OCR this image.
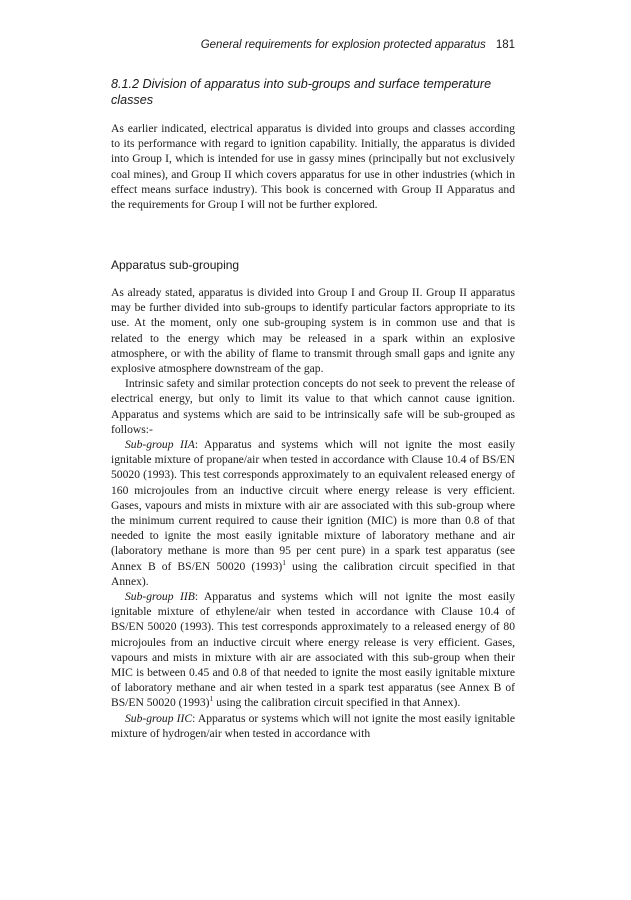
General requirements for explosion protected apparatus 181
8.1.2 Division of apparatus into sub-groups and surface temperature
classes

As earlier indicated, electrical apparatus is divided into groups and classes according to its performance with regard to ignition capability. Initially, the apparatus is divided into Group I, which is intended for use in gassy mines (principally but not exclusively coal mines), and Group II which covers apparatus for use in other industries (which in effect means surface industry). This book is concerned with Group II Apparatus and the requirements for Group I will not be further explored.

Apparatus sub-grouping

As already stated, apparatus is divided into Group I and Group II. Group II apparatus may be further divided into sub-groups to identify particular factors appropriate to its use. At the moment, only one sub-grouping system is in common use and that is related to the energy which may be released in a spark within an explosive atmosphere, or with the ability of flame to transmit through small gaps and ignite any explosive atmosphere downstream of the gap.

Intrinsic safety and similar protection concepts do not seek to prevent the release of electrical energy, but only to limit its value to that which cannot cause ignition. Apparatus and systems which are said to be intrinsically safe will be sub-grouped as follows:-

Sub-group IIA: Apparatus and systems which will not ignite the most easily ignitable mixture of propane/air when tested in accordance with Clause 10.4 of BS/EN 50020 (1993). This test corresponds approximately to an equivalent released energy of 160 microjoules from an inductive circuit where energy release is very efficient. Gases, vapours and mists in mixture with air are associated with this sub-group where the minimum current required to cause their ignition (MIC) is more than 0.8 of that needed to ignite the most easily ignitable mixture of laboratory methane and air (laboratory methane is more than 95 per cent pure) in a spark test apparatus (see Annex B of BS/EN 50020 $(1993)^1$ using the calibration circuit specified in that Annex).

Sub-group IIB: Apparatus and systems which will not ignite the most easily ignitable mixture of ethylene/air when tested in accordance with Clause 10.4 of BS/EN 50020 (1993). This test corresponds approximately to a released energy of 80 microjoules from an inductive circuit where energy release is very efficient. Gases, vapours and mists in mixture with air are associated with this sub-group when their MIC is between 0.45 and 0.8 of that needed to ignite the most easily ignitable mixture of laboratory methane and air when tested in a spark test apparatus (see Annex B of BS/EN 50020 $(1993)^1$ using the calibration circuit specified in that Annex).

Sub-group IIC: Apparatus or systems which will not ignite the most easily ignitable mixture of hydrogen/air when tested in accordance with
